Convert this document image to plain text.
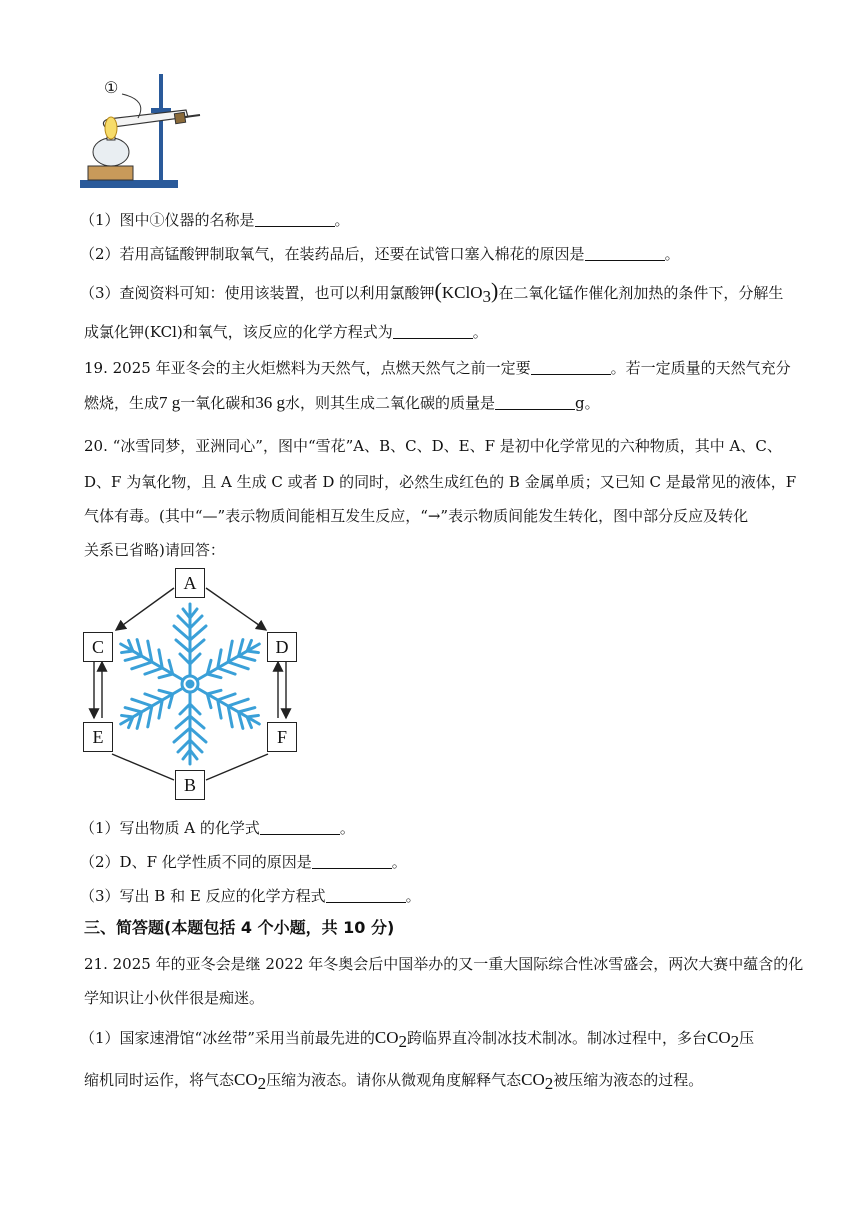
①
（1）图中①仪器的名称是	。
（2）若用高锰酸钾制取氧气，在装药品后，还要在试管口塞入棉花的原因是	。
（3）查阅资料可知：使用该装置，也可以利用氯酸钾(KClO$_3$)在二氧化锰作催化剂加热的条件下，分解生
成氯化钾(KCl)和氧气，该反应的化学方程式为	。
19. 2025 年亚冬会的主火炬燃料为天然气，点燃天然气之前一定要	。若一定质量的天然气充分
燃烧，生成7 g一氧化碳和36 g水，则其生成二氧化碳的质量是	g。
20. “冰雪同梦，亚洲同心”，图中“雪花”A、B、C、D、E、F 是初中化学常见的六种物质，其中 A、C、
D、F 为氧化物，且 A 生成 C 或者 D 的同时，必然生成红色的 B 金属单质；又已知 C 是最常见的液体，F
气体有毒。(其中“—”表示物质间能相互发生反应，“→”表示物质间能发生转化，图中部分反应及转化
关系已省略)请回答：
A
C	D
E	F
B
（1）写出物质 A 的化学式	。
（2）D、F 化学性质不同的原因是	。
（3）写出 B 和 E 反应的化学方程式	。
三、简答题(本题包括 4 个小题，共 10 分)
21. 2025 年的亚冬会是继 2022 年冬奥会后中国举办的又一重大国际综合性冰雪盛会，两次大赛中蕴含的化
学知识让小伙伴很是痴迷。
（1）国家速滑馆“冰丝带”采用当前最先进的$CO_2$跨临界直冷制冰技术制冰。制冰过程中，多台$CO_2$压
缩机同时运作，将气态$CO_2$压缩为液态。请你从微观角度解释气态$CO_2$被压缩为液态的过程。
